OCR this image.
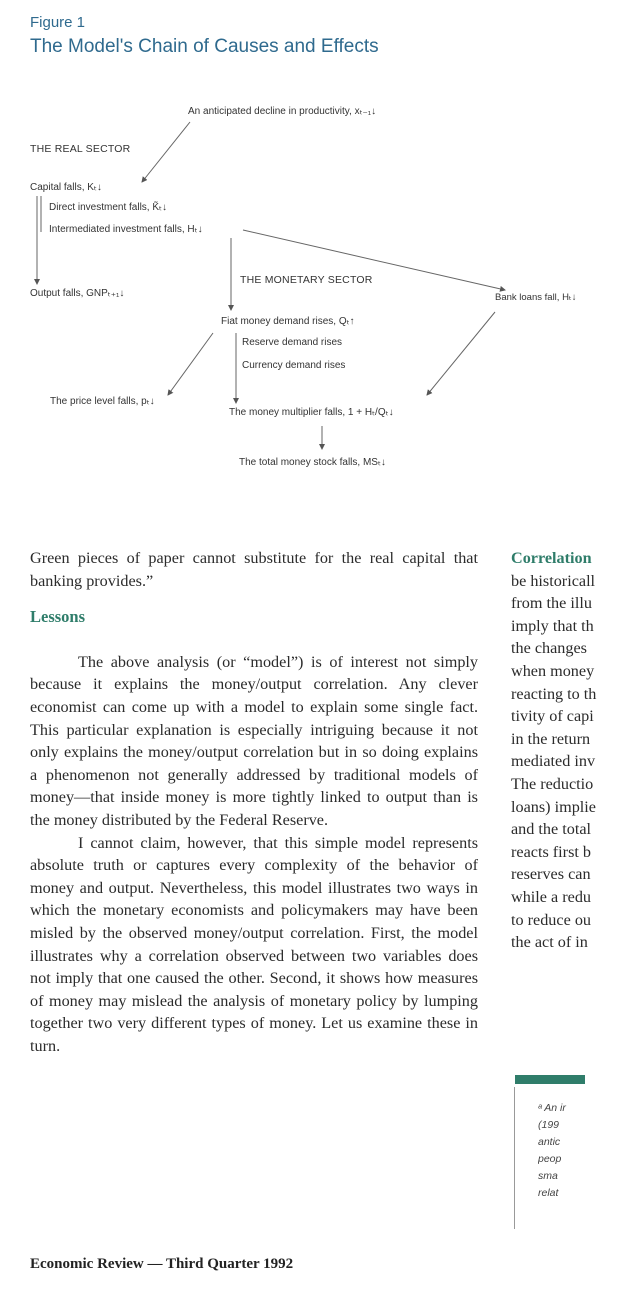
Figure 1
The Model's Chain of Causes and Effects
An anticipated decline in productivity, xₜ₋₁↓
THE REAL SECTOR
Capital falls, Kₜ↓
Direct investment falls, K̃ₜ↓
Intermediated investment falls, Hₜ↓
THE MONETARY SECTOR
Output falls, GNPₜ₊₁↓	Bank loans fall, Hₜ↓
Fiat money demand rises, Qₜ↑
Reserve demand rises
Currency demand rises
The price level falls, pₜ↓
The money multiplier falls, 1 + Hₜ/Qₜ↓
The total money stock falls, MSₜ↓

Green pieces of paper cannot substitute for the real capital that banking provides.”

Lessons

The above analysis (or “model”) is of interest not simply because it explains the money/output correlation. Any clever economist can come up with a model to explain some single fact. This particular explanation is especially intriguing because it not only explains the money/output correlation but in so doing explains a phenomenon not generally addressed by traditional models of money—that inside money is more tightly linked to output than is the money distributed by the Federal Reserve.

I cannot claim, however, that this simple model represents absolute truth or captures every complexity of the behavior of money and output. Nevertheless, this model illustrates two ways in which the monetary economists and policymakers may have been misled by the observed money/output correlation. First, the model illustrates why a correlation observed between two variables does not imply that one caused the other. Second, it shows how measures of money may mislead the analysis of monetary policy by lumping together two very different types of money. Let us examine these in turn.

Correlation
be historicall
from the illu
imply that th
the changes
when money
reacting to th
tivity of capi
in the return
mediated inv
The reductio
loans) implie
and the total
reacts first b
reserves can
while a redu
to reduce ou
the act of in
ᵃ An ir
(199
antic
peop
sma
relat
Economic Review — Third Quarter 1992
